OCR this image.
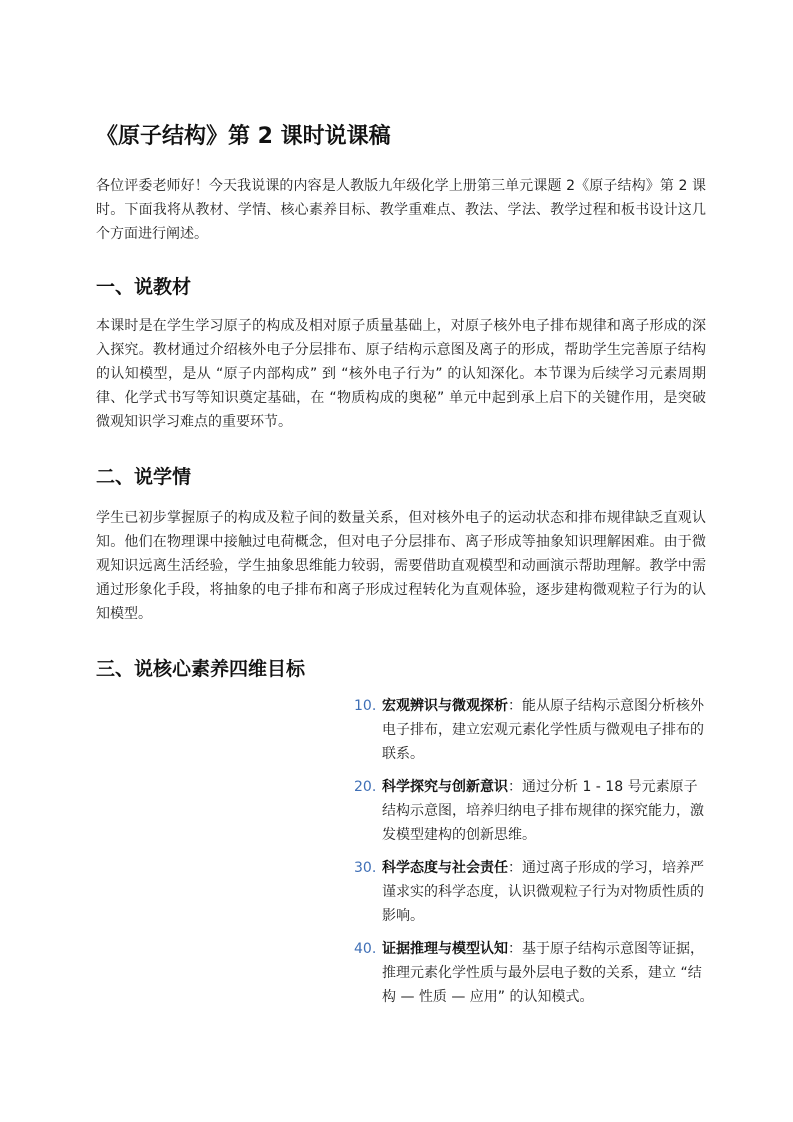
《原子结构》第 2 课时说课稿

各位评委老师好！今天我说课的内容是人教版九年级化学上册第三单元课题 2《原子结构》第 2 课时。下面我将从教材、学情、核心素养目标、教学重难点、教法、学法、教学过程和板书设计这几个方面进行阐述。

一、说教材

本课时是在学生学习原子的构成及相对原子质量基础上，对原子核外电子排布规律和离子形成的深入探究。教材通过介绍核外电子分层排布、原子结构示意图及离子的形成，帮助学生完善原子结构的认知模型，是从 “原子内部构成” 到 “核外电子行为” 的认知深化。本节课为后续学习元素周期律、化学式书写等知识奠定基础，在 “物质构成的奥秘” 单元中起到承上启下的关键作用，是突破微观知识学习难点的重要环节。

二、说学情

学生已初步掌握原子的构成及粒子间的数量关系，但对核外电子的运动状态和排布规律缺乏直观认知。他们在物理课中接触过电荷概念，但对电子分层排布、离子形成等抽象知识理解困难。由于微观知识远离生活经验，学生抽象思维能力较弱，需要借助直观模型和动画演示帮助理解。教学中需通过形象化手段，将抽象的电子排布和离子形成过程转化为直观体验，逐步建构微观粒子行为的认知模型。

三、说核心素养四维目标
10. 宏观辨识与微观探析：能从原子结构示意图分析核外电子排布，建立宏观元素化学性质与微观电子排布的联系。
20. 科学探究与创新意识：通过分析 1 - 18 号元素原子结构示意图，培养归纳电子排布规律的探究能力，激发模型建构的创新思维。
30. 科学态度与社会责任：通过离子形成的学习，培养严谨求实的科学态度，认识微观粒子行为对物质性质的影响。
40. 证据推理与模型认知：基于原子结构示意图等证据，推理元素化学性质与最外层电子数的关系，建立 “结构 — 性质 — 应用” 的认知模式。
